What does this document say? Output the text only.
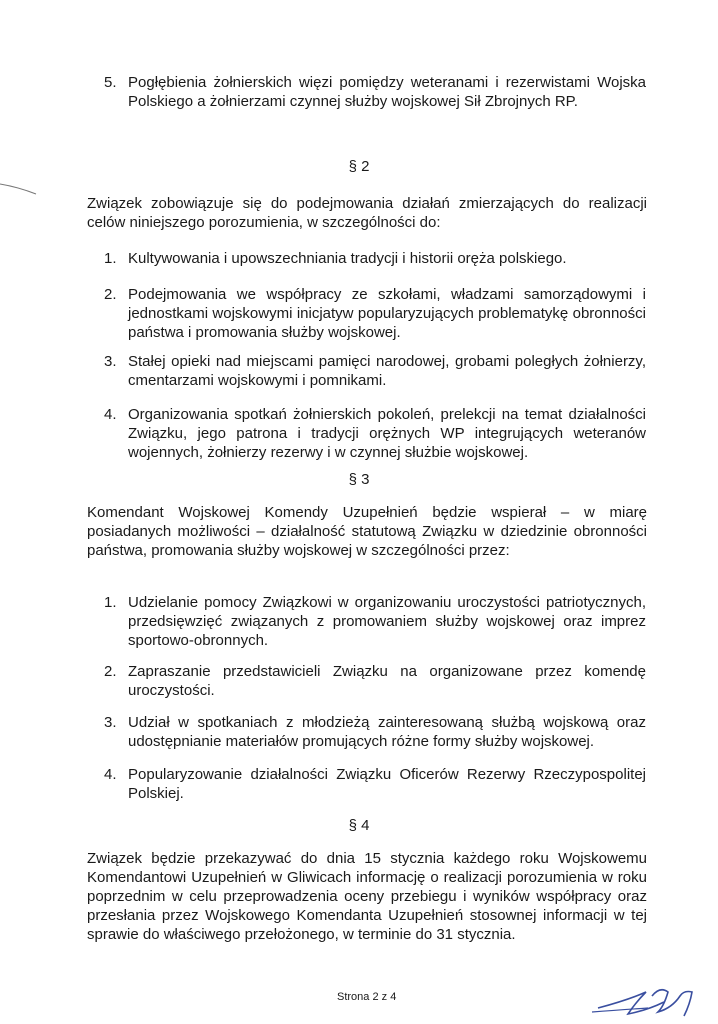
5. Pogłębienia żołnierskich więzi pomiędzy weteranami i rezerwistami Wojska Polskiego a żołnierzami czynnej służby wojskowej Sił Zbrojnych RP.
§ 2
Związek zobowiązuje się do podejmowania działań zmierzających do realizacji celów niniejszego porozumienia, w szczególności do:
1. Kultywowania i upowszechniania tradycji i historii oręża polskiego.
2. Podejmowania we współpracy ze szkołami, władzami samorządowymi i jednostkami wojskowymi inicjatyw popularyzujących problematykę obronności państwa i promowania służby wojskowej.
3. Stałej opieki nad miejscami pamięci narodowej, grobami poległych żołnierzy, cmentarzami wojskowymi i pomnikami.
4. Organizowania spotkań żołnierskich pokoleń, prelekcji na temat działalności Związku, jego patrona i tradycji orężnych WP integrujących weteranów wojennych, żołnierzy rezerwy i w czynnej służbie wojskowej.
§ 3
Komendant Wojskowej Komendy Uzupełnień będzie wspierał – w miarę posiadanych możliwości – działalność statutową Związku w dziedzinie obronności państwa, promowania służby wojskowej w szczególności przez:
1. Udzielanie pomocy Związkowi w organizowaniu uroczystości patriotycznych, przedsięwzięć związanych z promowaniem służby wojskowej oraz imprez sportowo-obronnych.
2. Zapraszanie przedstawicieli Związku na organizowane przez komendę uroczystości.
3. Udział w spotkaniach z młodzieżą zainteresowaną służbą wojskową oraz udostępnianie materiałów promujących różne formy służby wojskowej.
4. Popularyzowanie działalności Związku Oficerów Rezerwy Rzeczypospolitej Polskiej.
§ 4
Związek będzie przekazywać do dnia 15 stycznia każdego roku Wojskowemu Komendantowi Uzupełnień w Gliwicach informację o realizacji porozumienia w roku poprzednim w celu przeprowadzenia oceny przebiegu i wyników współpracy oraz przesłania przez Wojskowego Komendanta Uzupełnień stosownej informacji w tej sprawie do właściwego przełożonego, w terminie do 31 stycznia.
Strona 2 z 4
